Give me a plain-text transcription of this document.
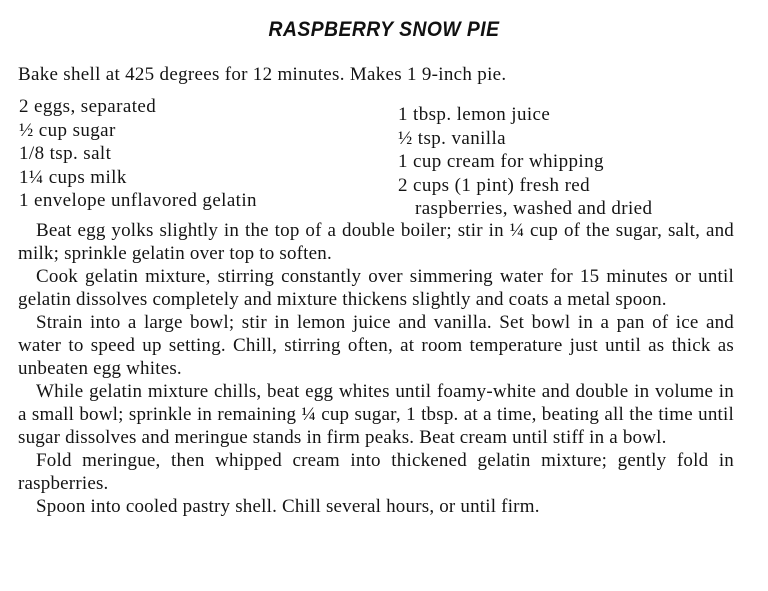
RASPBERRY SNOW PIE
Bake shell at 425 degrees for 12 minutes. Makes 1 9-inch pie.
2 eggs, separated
½ cup sugar
1/8 tsp. salt
1¼ cups milk
1 envelope unflavored gelatin
1 tbsp. lemon juice
½ tsp. vanilla
1 cup cream for whipping
2 cups (1 pint) fresh red
raspberries, washed and dried

Beat egg yolks slightly in the top of a double boiler; stir in ¼ cup of the sugar, salt, and milk; sprinkle gelatin over top to soften.

Cook gelatin mixture, stirring constantly over simmering water for 15 minutes or until gelatin dissolves completely and mixture thickens slightly and coats a metal spoon.

Strain into a large bowl; stir in lemon juice and vanilla. Set bowl in a pan of ice and water to speed up setting. Chill, stirring often, at room temperature just until as thick as unbeaten egg whites.

While gelatin mixture chills, beat egg whites until foamy-white and double in volume in a small bowl; sprinkle in remaining ¼ cup sugar, 1 tbsp. at a time, beating all the time until sugar dissolves and meringue stands in firm peaks. Beat cream until stiff in a bowl.

Fold meringue, then whipped cream into thickened gelatin mixture; gently fold in raspberries.

Spoon into cooled pastry shell. Chill several hours, or until firm.
